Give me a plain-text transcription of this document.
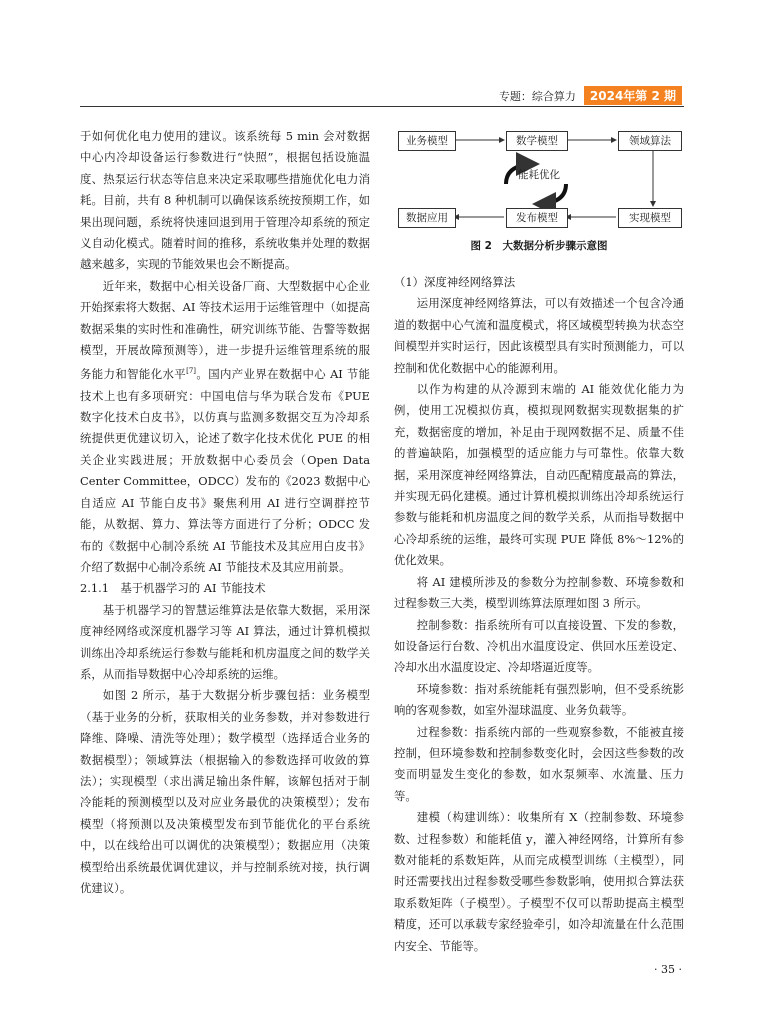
专题：综合算力	2024年第 2 期

于如何优化电力使用的建议。该系统每 5 min 会对数据中心内冷却设备运行参数进行“快照”，根据包括设施温度、热泵运行状态等信息来决定采取哪些措施优化电力消耗。目前，共有 8 种机制可以确保该系统按预期工作，如果出现问题，系统将快速回退到用于管理冷却系统的预定义自动化模式。随着时间的推移，系统收集并处理的数据越来越多，实现的节能效果也会不断提高。

近年来，数据中心相关设备厂商、大型数据中心企业开始探索将大数据、AI 等技术运用于运维管理中（如提高数据采集的实时性和准确性，研究训练节能、告警等数据模型，开展故障预测等），进一步提升运维管理系统的服务能力和智能化水平[7]。国内产业界在数据中心 AI 节能技术上也有多项研究：中国电信与华为联合发布《PUE 数字化技术白皮书》，以仿真与监测多数据交互为冷却系统提供更优建议切入，论述了数字化技术优化 PUE 的相关企业实践进展；开放数据中心委员会（Open Data Center Committee，ODCC）发布的《2023 数据中心自适应 AI 节能白皮书》聚焦利用 AI 进行空调群控节能，从数据、算力、算法等方面进行了分析；ODCC 发布的《数据中心制冷系统 AI 节能技术及其应用白皮书》介绍了数据中心制冷系统 AI 节能技术及其应用前景。

2.1.1　基于机器学习的 AI 节能技术

基于机器学习的智慧运维算法是依靠大数据，采用深度神经网络或深度机器学习等 AI 算法，通过计算机模拟训练出冷却系统运行参数与能耗和机房温度之间的数学关系，从而指导数据中心冷却系统的运维。

如图 2 所示，基于大数据分析步骤包括：业务模型（基于业务的分析，获取相关的业务参数，并对参数进行降维、降噪、清洗等处理）；数学模型（选择适合业务的数据模型）；领域算法（根据输入的参数选择可收敛的算法）；实现模型（求出满足输出条件解，该解包括对于制冷能耗的预测模型以及对应业务最优的决策模型）；发布模型（将预测以及决策模型发布到节能优化的平台系统中，以在线给出可以调优的决策模型）；数据应用（决策模型给出系统最优调优建议，并与控制系统对接，执行调优建议）。

业务模型	数学模型	领域算法
能耗优化
数据应用	发布模型	实现模型
图 2　大数据分析步骤示意图
（1）深度神经网络算法

运用深度神经网络算法，可以有效描述一个包含冷通道的数据中心气流和温度模式，将区域模型转换为状态空间模型并实时运行，因此该模型具有实时预测能力，可以控制和优化数据中心的能源利用。

以作为构建的从冷源到末端的 AI 能效优化能力为例，使用工况模拟仿真，模拟现网数据实现数据集的扩充，数据密度的增加，补足由于现网数据不足、质量不佳的普遍缺陷，加强模型的适应能力与可靠性。依靠大数据，采用深度神经网络算法，自动匹配精度最高的算法，并实现无码化建模。通过计算机模拟训练出冷却系统运行参数与能耗和机房温度之间的数学关系，从而指导数据中心冷却系统的运维，最终可实现 PUE 降低 8%～12%的优化效果。

将 AI 建模所涉及的参数分为控制参数、环境参数和过程参数三大类，模型训练算法原理如图 3 所示。

控制参数：指系统所有可以直接设置、下发的参数，如设备运行台数、冷机出水温度设定、供回水压差设定、冷却水出水温度设定、冷却塔逼近度等。

环境参数：指对系统能耗有强烈影响，但不受系统影响的客观参数，如室外湿球温度、业务负载等。

过程参数：指系统内部的一些观察参数，不能被直接控制，但环境参数和控制参数变化时，会因这些参数的改变而明显发生变化的参数，如水泵频率、水流量、压力等。

建模（构建训练）：收集所有 X（控制参数、环境参数、过程参数）和能耗值 y，灌入神经网络，计算所有参数对能耗的系数矩阵，从而完成模型训练（主模型），同时还需要找出过程参数受哪些参数影响，使用拟合算法获取系数矩阵（子模型）。子模型不仅可以帮助提高主模型精度，还可以承载专家经验牵引，如冷却流量在什么范围内安全、节能等。

· 35 ·
